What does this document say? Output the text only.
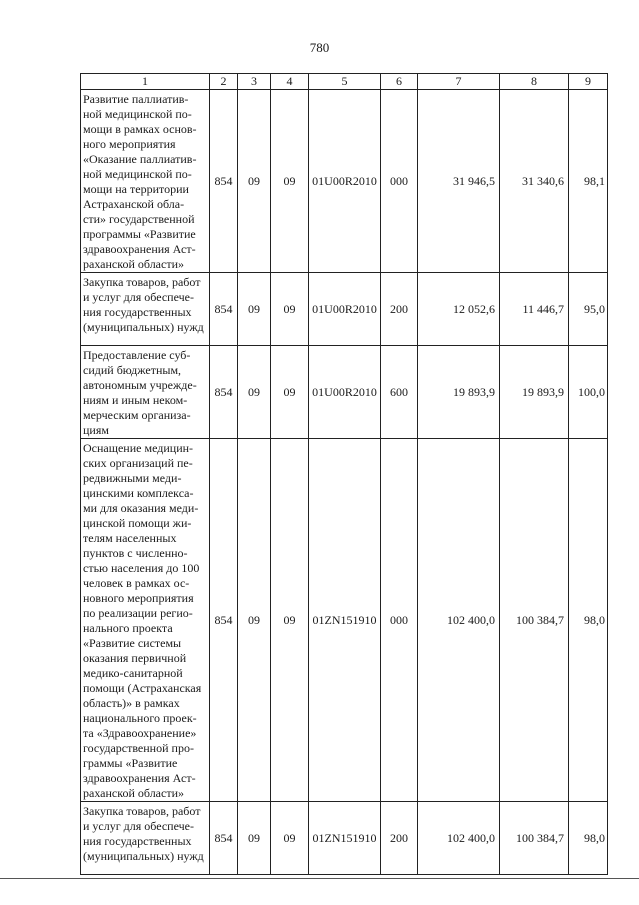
780
1	2	3	4	5	6	7	8	9
Развитие паллиатив-ной медицинской по-мощи в рамках основ-ного мероприятия «Оказание паллиатив-ной медицинской по-мощи на территории Астраханской обла-сти» государственной программы «Развитие здравоохранения Аст-раханской области»	854	09	09	01U00R2010	000	31 946,5	31 340,6	98,1
Закупка товаров, работ и услуг для обеспече-ния государственных (муниципальных) нужд	854	09	09	01U00R2010	200	12 052,6	11 446,7	95,0
Предоставление суб-сидий бюджетным, автономным учрежде-ниям и иным неком-мерческим организа-циям	854	09	09	01U00R2010	600	19 893,9	19 893,9	100,0
Оснащение медицин-ских организаций пе-редвижными меди-цинскими комплекса-ми для оказания меди-цинской помощи жи-телям населенных пунктов с численно-стью населения до 100 человек в рамках ос-новного мероприятия по реализации регио-нального проекта «Развитие системы оказания первичной медико-санитарной помощи (Астраханская область)» в рамках национального проек-та «Здравоохранение» государственной про-граммы «Развитие здравоохранения Аст-раханской области»	854	09	09	01ZN151910	000	102 400,0	100 384,7	98,0
Закупка товаров, работ и услуг для обеспече-ния государственных (муниципальных) нужд	854	09	09	01ZN151910	200	102 400,0	100 384,7	98,0
